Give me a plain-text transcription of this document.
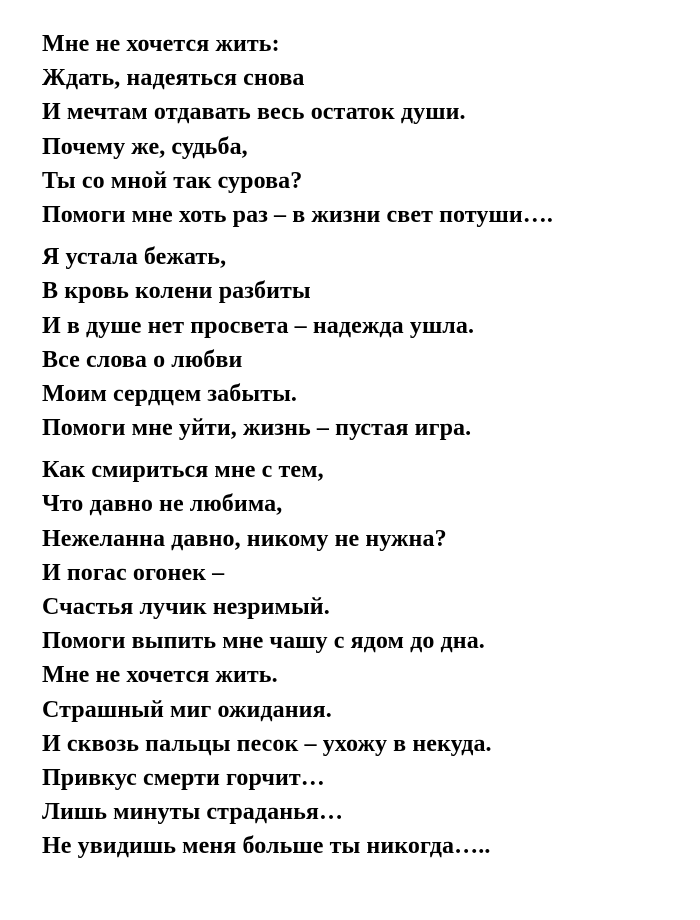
Мне не хочется жить:
Ждать, надеяться снова
И мечтам отдавать весь остаток души.
Почему же, судьба,
Ты со мной так сурова?
Помоги мне хоть раз – в жизни свет потуши….
Я устала бежать,
В кровь колени разбиты
И в душе нет просвета – надежда ушла.
Все слова о любви
Моим сердцем забыты.
Помоги мне уйти, жизнь – пустая игра.
Как смириться мне с тем,
Что давно не любима,
Нежеланна давно, никому не нужна?
И погас огонек –
Счастья лучик незримый.
Помоги выпить мне чашу с ядом до дна.
Мне не хочется жить.
Страшный миг ожидания.
И сквозь пальцы песок – ухожу в некуда.
Привкус смерти горчит…
Лишь минуты страданья…
Не увидишь меня больше ты никогда…..
